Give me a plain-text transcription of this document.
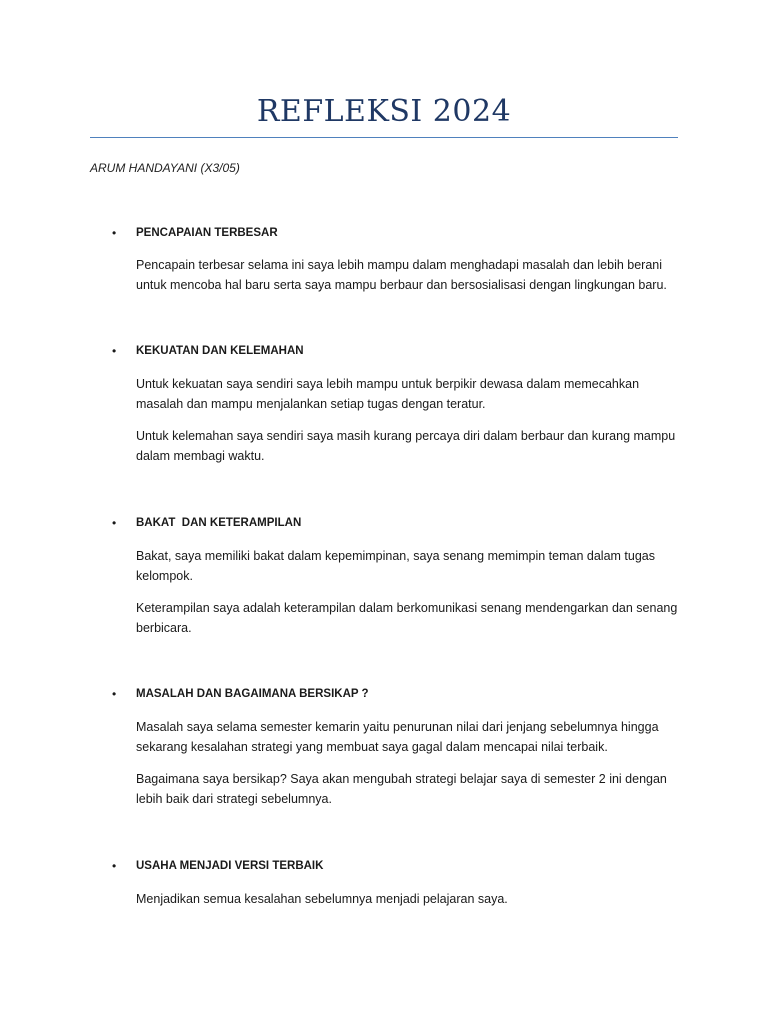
REFLEKSI 2024
ARUM HANDAYANI (X3/05)
• PENCAPAIAN TERBESAR
Pencapain terbesar selama ini saya lebih mampu dalam menghadapi masalah dan lebih berani untuk mencoba hal baru serta saya mampu berbaur dan bersosialisasi dengan lingkungan baru.
• KEKUATAN DAN KELEMAHAN
Untuk kekuatan saya sendiri saya lebih mampu untuk berpikir dewasa dalam memecahkan masalah dan mampu menjalankan setiap tugas dengan teratur.
Untuk kelemahan saya sendiri saya masih kurang percaya diri dalam berbaur dan kurang mampu dalam membagi waktu.
• BAKAT  DAN KETERAMPILAN
Bakat, saya memiliki bakat dalam kepemimpinan, saya senang memimpin teman dalam tugas kelompok.
Keterampilan saya adalah keterampilan dalam berkomunikasi senang mendengarkan dan senang berbicara.
• MASALAH DAN BAGAIMANA BERSIKAP ?
Masalah saya selama semester kemarin yaitu penurunan nilai dari jenjang sebelumnya hingga sekarang kesalahan strategi yang membuat saya gagal dalam mencapai nilai terbaik.
Bagaimana saya bersikap? Saya akan mengubah strategi belajar saya di semester 2 ini dengan lebih baik dari strategi sebelumnya.
• USAHA MENJADI VERSI TERBAIK
Menjadikan semua kesalahan sebelumnya menjadi pelajaran saya.
